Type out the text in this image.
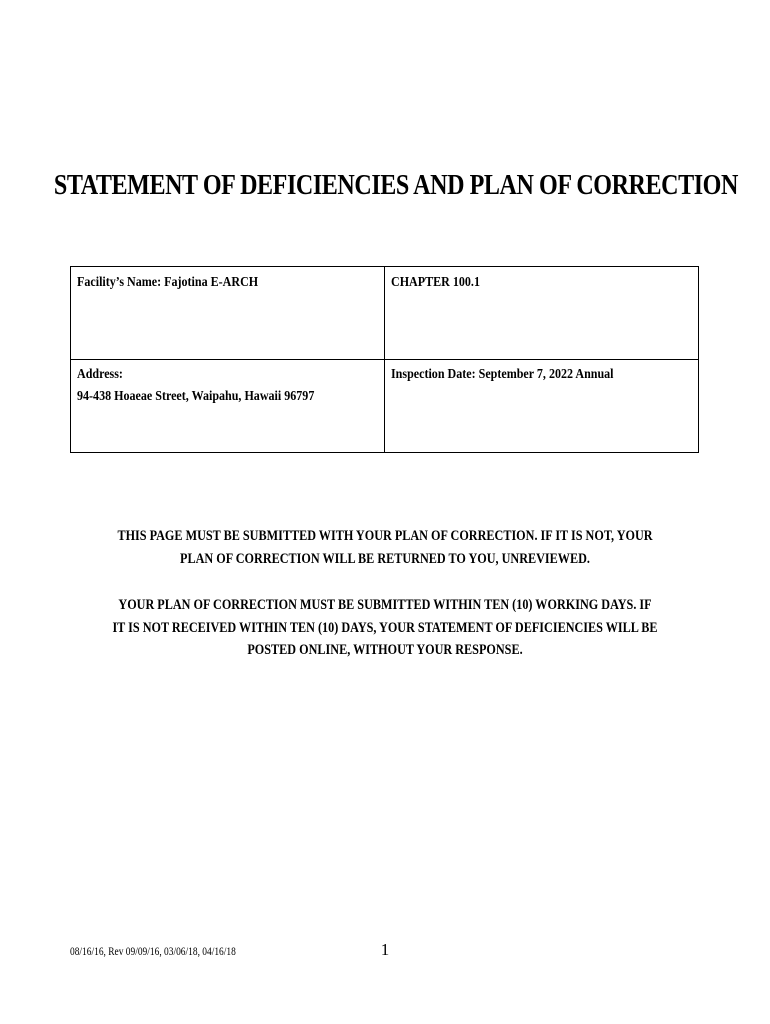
STATEMENT OF DEFICIENCIES AND PLAN OF CORRECTION
Facility’s Name: Fajotina E-ARCH	CHAPTER 100.1

Address:
94-438 Hoaeae Street, Waipahu, Hawaii 96797	Inspection Date: September 7, 2022 Annual
THIS PAGE MUST BE SUBMITTED WITH YOUR PLAN OF CORRECTION. IF IT IS NOT, YOUR PLAN OF CORRECTION WILL BE RETURNED TO YOU, UNREVIEWED.
YOUR PLAN OF CORRECTION MUST BE SUBMITTED WITHIN TEN (10) WORKING DAYS. IF IT IS NOT RECEIVED WITHIN TEN (10) DAYS, YOUR STATEMENT OF DEFICIENCIES WILL BE POSTED ONLINE, WITHOUT YOUR RESPONSE.
08/16/16, Rev 09/09/16, 03/06/18, 04/16/18	1
